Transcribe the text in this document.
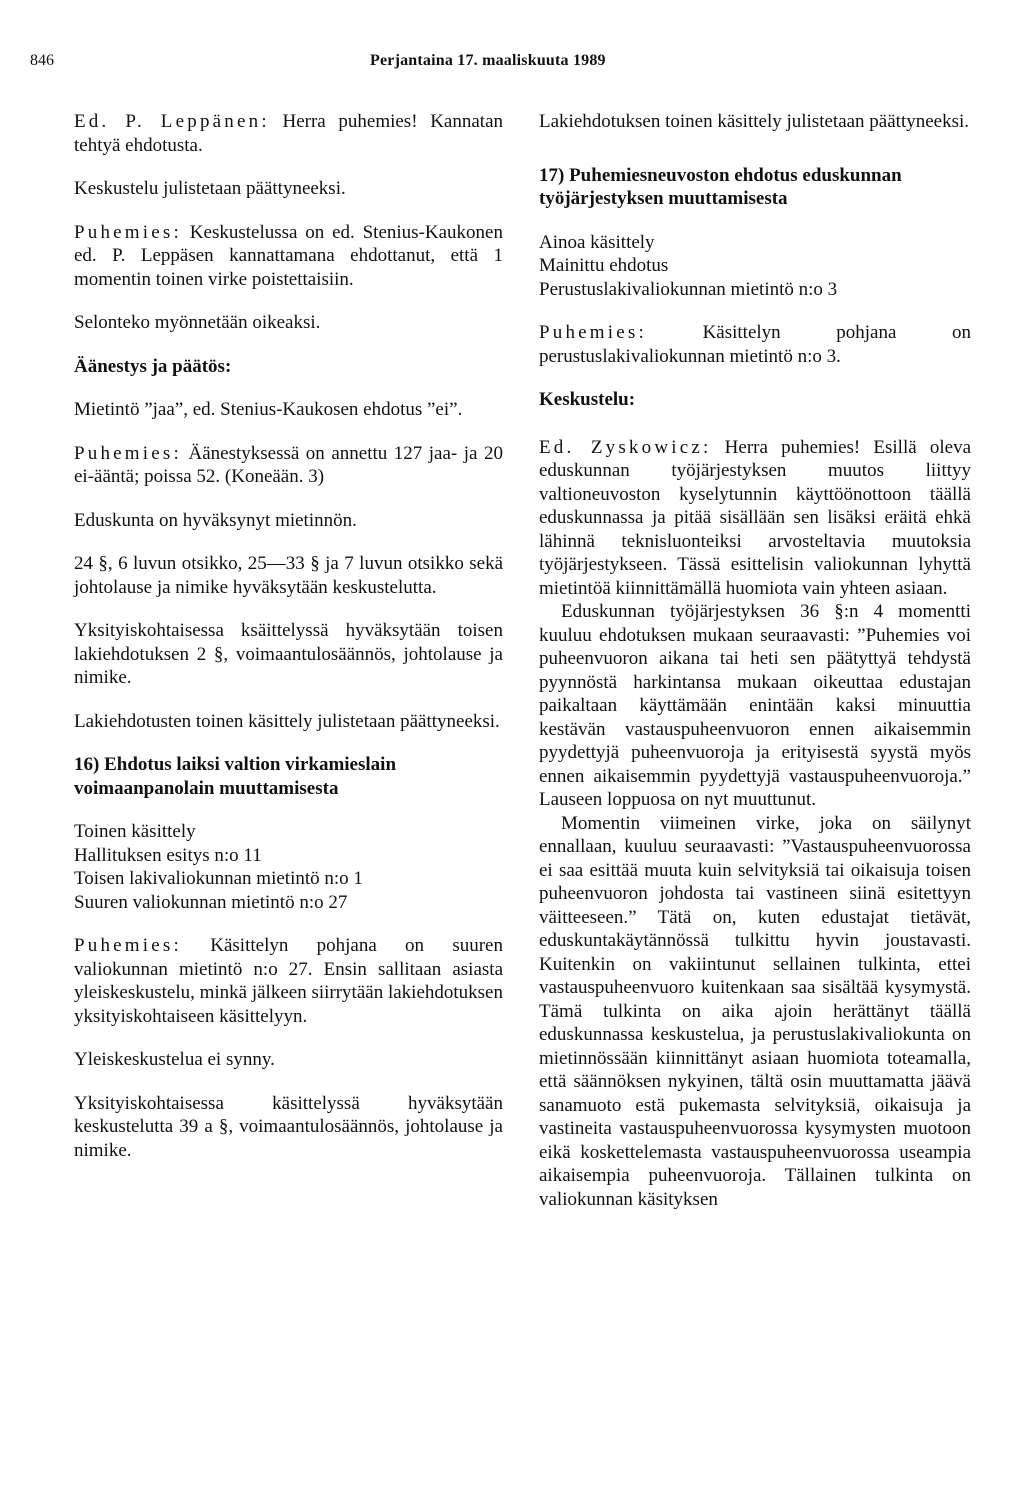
846	Perjantaina 17. maaliskuuta 1989

Ed. P. Leppänen: Herra puhemies! Kannatan tehtyä ehdotusta.

Keskustelu julistetaan päättyneeksi.

Puhemies: Keskustelussa on ed. Stenius-Kaukonen ed. P. Leppäsen kannattamana ehdottanut, että 1 momentin toinen virke poistettaisiin.

Selonteko myönnetään oikeaksi.

Äänestys ja päätös:

Mietintö ”jaa”, ed. Stenius-Kaukosen ehdotus ”ei”.

Puhemies: Äänestyksessä on annettu 127 jaa- ja 20 ei-ääntä; poissa 52. (Koneään. 3)

Eduskunta on hyväksynyt mietinnön.

24 §, 6 luvun otsikko, 25—33 § ja 7 luvun otsikko sekä johtolause ja nimike hyväksytään keskustelutta.

Yksityiskohtaisessa ksäittelyssä hyväksytään toisen lakiehdotuksen 2 §, voimaantulosäännös, johtolause ja nimike.

Lakiehdotusten toinen käsittely julistetaan päättyneeksi.

16) Ehdotus laiksi valtion virkamieslain voimaanpanolain muuttamisesta
Toinen käsittely
Hallituksen esitys n:o 11
Toisen lakivaliokunnan mietintö n:o 1
Suuren valiokunnan mietintö n:o 27

Puhemies: Käsittelyn pohjana on suuren valiokunnan mietintö n:o 27. Ensin sallitaan asiasta yleiskeskustelu, minkä jälkeen siirrytään lakiehdotuksen yksityiskohtaiseen käsittelyyn.

Yleiskeskustelua ei synny.

Yksityiskohtaisessa käsittelyssä hyväksytään keskustelutta 39 a §, voimaantulosäännös, johtolause ja nimike.

Lakiehdotuksen toinen käsittely julistetaan päättyneeksi.

17) Puhemiesneuvoston ehdotus eduskunnan työjärjestyksen muuttamisesta
Ainoa käsittely
Mainittu ehdotus
Perustuslakivaliokunnan mietintö n:o 3

Puhemies:	Käsittelyn pohjana on perustuslakivaliokunnan mietintö n:o 3.

Keskustelu:

Ed. Zyskowicz: Herra puhemies! Esillä oleva eduskunnan työjärjestyksen muutos liittyy valtioneuvoston kyselytunnin käyttöönottoon täällä eduskunnassa ja pitää sisällään sen lisäksi eräitä ehkä lähinnä teknisluonteiksi arvosteltavia muutoksia työjärjestykseen. Tässä esittelisin valiokunnan lyhyttä mietintöä kiinnittämällä huomiota vain yhteen asiaan.

Eduskunnan työjärjestyksen 36 §:n 4 momentti kuuluu ehdotuksen mukaan seuraavasti: ”Puhemies voi puheenvuoron aikana tai heti sen päätyttyä tehdystä pyynnöstä harkintansa mukaan oikeuttaa edustajan paikaltaan käyttämään enintään kaksi minuuttia kestävän vastauspuheenvuoron ennen aikaisemmin pyydettyjä puheenvuoroja ja erityisestä syystä myös ennen aikaisemmin pyydettyjä vastauspuheenvuoroja.” Lauseen loppuosa on nyt muuttunut.

Momentin viimeinen virke, joka on säilynyt ennallaan, kuuluu seuraavasti: ”Vastauspuheenvuorossa ei saa esittää muuta kuin selvityksiä tai oikaisuja toisen puheenvuoron johdosta tai vastineen siinä esitettyyn väitteeseen.” Tätä on, kuten edustajat tietävät, eduskuntakäytännössä tulkittu hyvin joustavasti. Kuitenkin on vakiintunut sellainen tulkinta, ettei vastauspuheenvuoro kuitenkaan saa sisältää kysymystä. Tämä tulkinta on aika ajoin herättänyt täällä eduskunnassa keskustelua, ja perustuslakivaliokunta on mietinnössään kiinnittänyt asiaan huomiota toteamalla, että säännöksen nykyinen, tältä osin muuttamatta jäävä sanamuoto estä pukemasta selvityksiä, oikaisuja ja vastineita vastauspuheenvuorossa kysymysten muotoon eikä koskettelemasta vastauspuheenvuorossa useampia aikaisempia puheenvuoroja. Tällainen tulkinta on valiokunnan käsityksen
